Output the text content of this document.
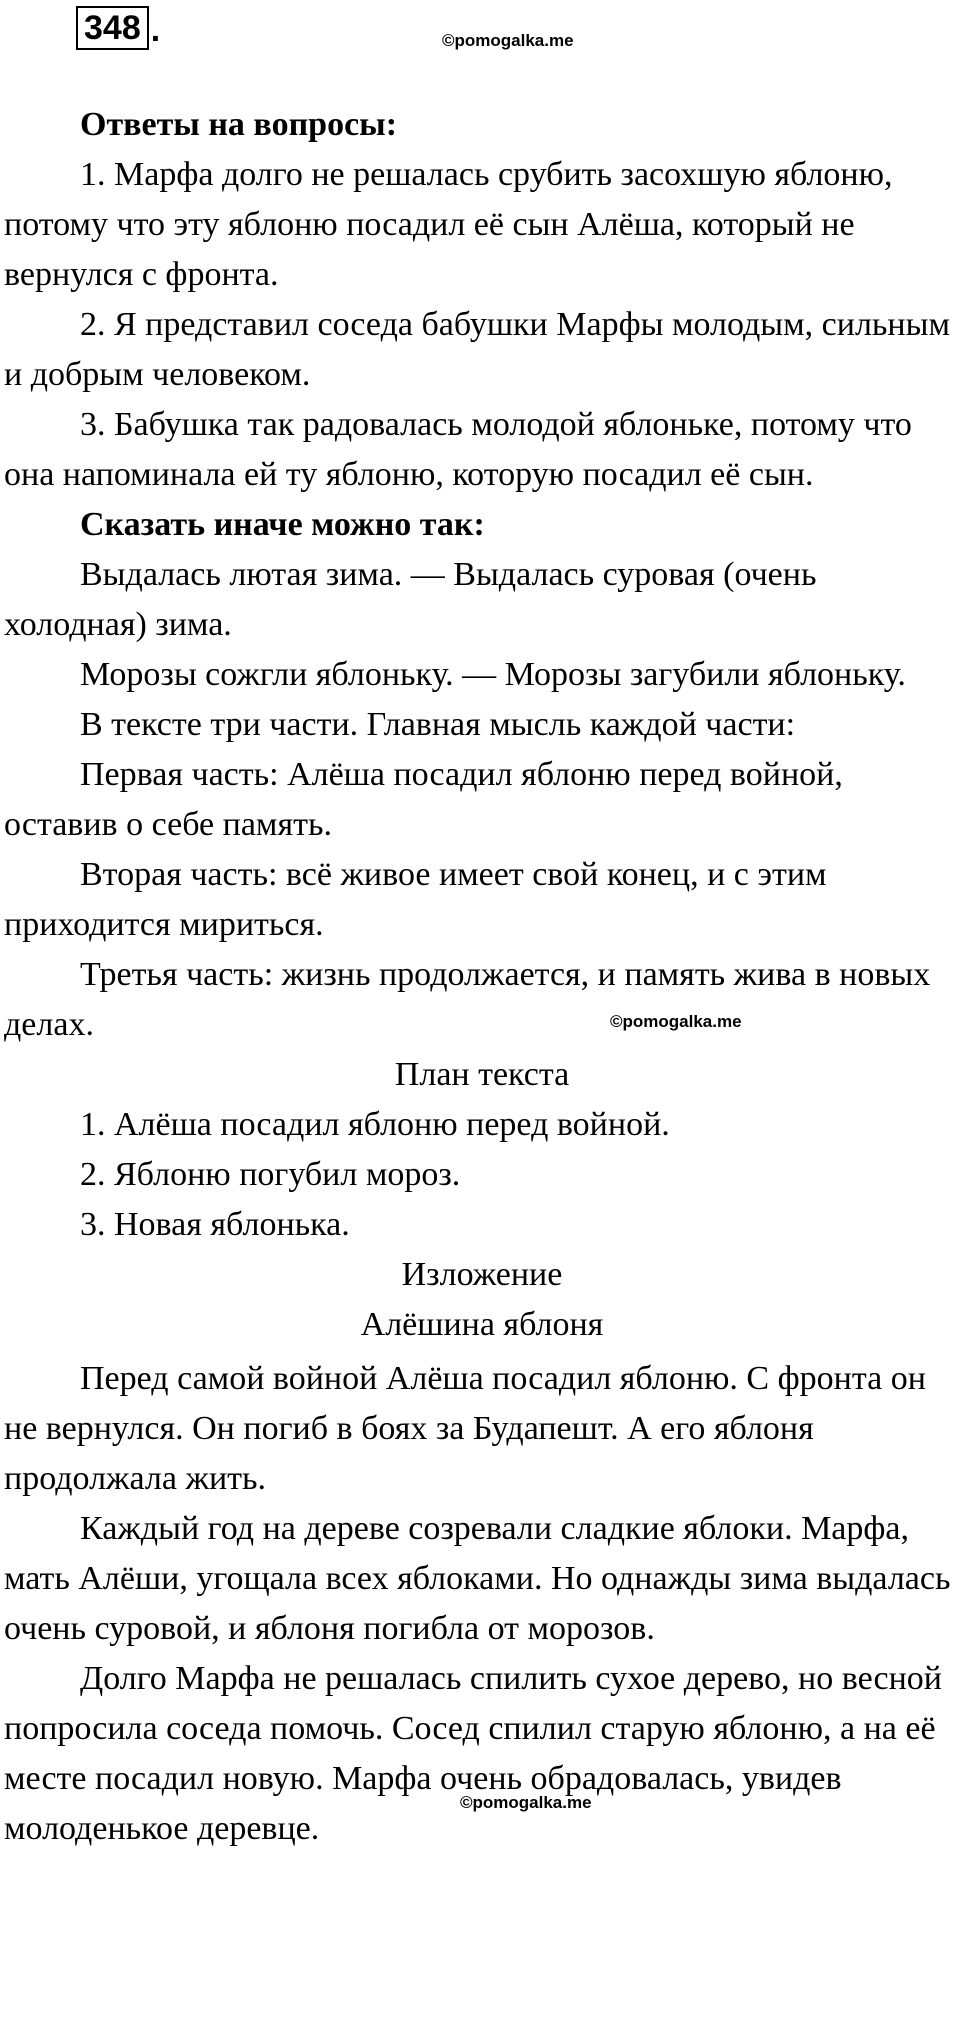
348 .	©pomogalka.me
©pomogalka.me
©pomogalka.me

Ответы на вопросы:

1. Марфа долго не решалась срубить засохшую яблоню, потому что эту яблоню посадил её сын Алёша, который не вернулся с фронта.

2. Я представил соседа бабушки Марфы молодым, сильным и добрым человеком.

3. Бабушка так радовалась молодой яблоньке, потому что она напоминала ей ту яблоню, которую посадил её сын.

Сказать иначе можно так:

Выдалась лютая зима. — Выдалась суровая (очень холодная) зима.

Морозы сожгли яблоньку. — Морозы загубили яблоньку.

В тексте три части. Главная мысль каждой части:

Первая часть: Алёша посадил яблоню перед войной, оставив о себе память.

Вторая часть: всё живое имеет свой конец, и с этим приходится мириться.

Третья часть: жизнь продолжается, и память жива в новых делах.

План текста

1. Алёша посадил яблоню перед войной.

2. Яблоню погубил мороз.

3. Новая яблонька.

Изложение

Алёшина яблоня

Перед самой войной Алёша посадил яблоню. С фронта он не вернулся. Он погиб в боях за Будапешт. А его яблоня продолжала жить.

Каждый год на дереве созревали сладкие яблоки. Марфа, мать Алёши, угощала всех яблоками. Но однажды зима выдалась очень суровой, и яблоня погибла от морозов.

Долго Марфа не решалась спилить сухое дерево, но весной попросила соседа помочь. Сосед спилил старую яблоню, а на её месте посадил новую. Марфа очень обрадовалась, увидев молоденькое деревце.
